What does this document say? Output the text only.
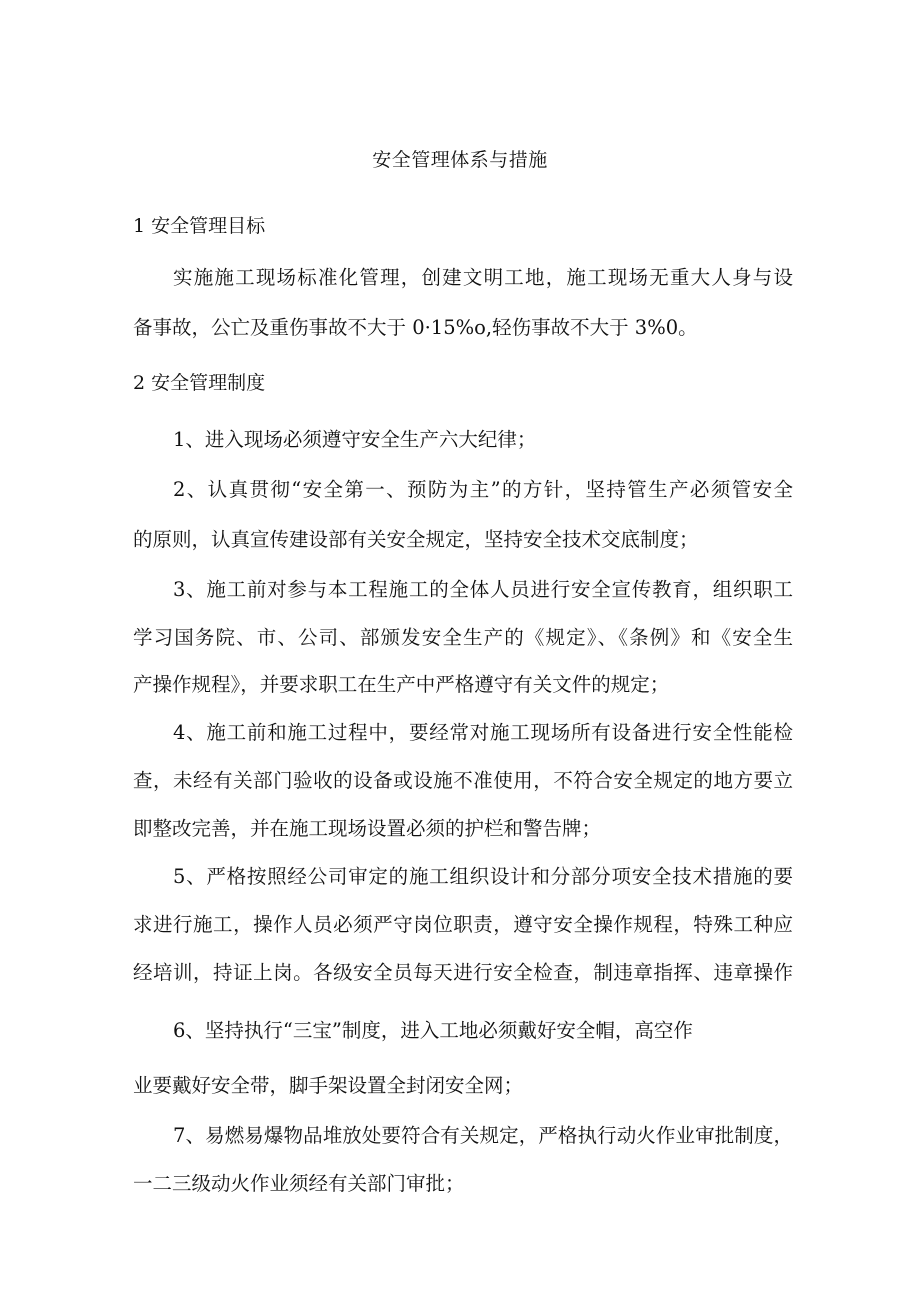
安全管理体系与措施
1 安全管理目标
实施施工现场标准化管理，创建文明工地，施工现场无重大人身与设
备事故，公亡及重伤事故不大于 0·15%o,轻伤事故不大于 3%0。
2 安全管理制度
1、进入现场必须遵守安全生产六大纪律；
2、认真贯彻“安全第一、预防为主”的方针，坚持管生产必须管安全
的原则，认真宣传建设部有关安全规定，坚持安全技术交底制度；
3、施工前对参与本工程施工的全体人员进行安全宣传教育，组织职工
学习国务院、市、公司、部颁发安全生产的《规定》、《条例》和《安全生
产操作规程》，并要求职工在生产中严格遵守有关文件的规定；
4、施工前和施工过程中，要经常对施工现场所有设备进行安全性能检
查，未经有关部门验收的设备或设施不准使用，不符合安全规定的地方要立
即整改完善，并在施工现场设置必须的护栏和警告牌；
5、严格按照经公司审定的施工组织设计和分部分项安全技术措施的要
求进行施工，操作人员必须严守岗位职责，遵守安全操作规程，特殊工种应
经培训，持证上岗。各级安全员每天进行安全检查，制违章指挥、违章操作
6、坚持执行“三宝”制度，进入工地必须戴好安全帽，高空作
业要戴好安全带，脚手架设置全封闭安全网；
7、易燃易爆物品堆放处要符合有关规定，严格执行动火作业审批制度，
一二三级动火作业须经有关部门审批；
